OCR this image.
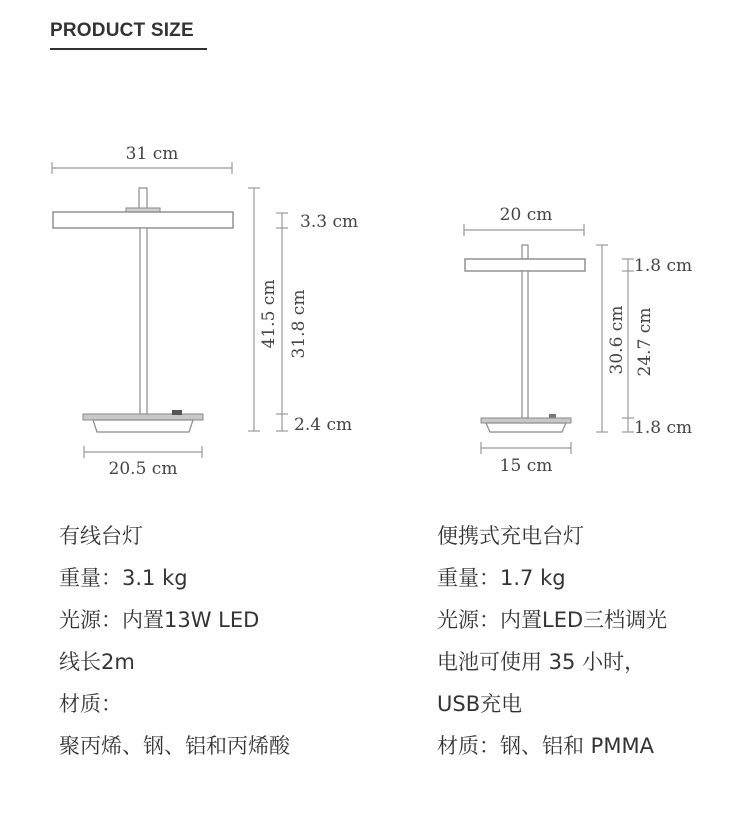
PRODUCT SIZE
31 cm
20.5 cm
41.5 cm 31.8 cm
3.3 cm
2.4 cm
20 cm
15 cm
30.6 cm 24.7 cm
1.8 cm
1.8 cm
有线台灯
重量：3.1 kg
光源：内置13W LED
线长2m
材质：
聚丙烯、钢、铝和丙烯酸
便携式充电台灯
重量：1.7 kg
光源：内置LED三档调光
电池可使用 35 小时，
USB充电
材质：钢、铝和 PMMA
